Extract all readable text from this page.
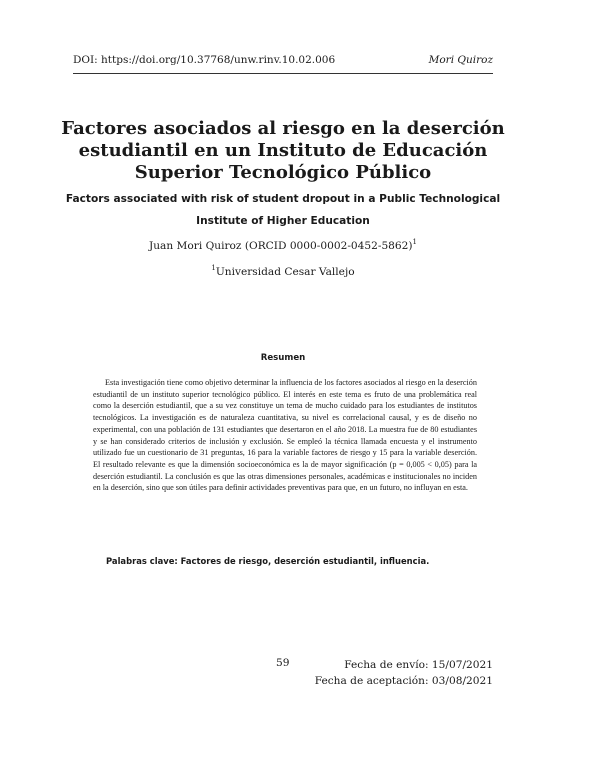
DOI: https://doi.org/10.37768/unw.rinv.10.02.006	Mori Quiroz
Factores asociados al riesgo en la deserción estudiantil en un Instituto de Educación Superior Tecnológico Público
Factors associated with risk of student dropout in a Public Technological Institute of Higher Education
Juan Mori Quiroz (ORCID 0000-0002-0452-5862)$^1$
$^1$Universidad Cesar Vallejo
Resumen

Esta investigación tiene como objetivo determinar la influencia de los factores asociados al riesgo en la deserción estudiantil de un instituto superior tecnológico público. El interés en este tema es fruto de una problemática real como la deserción estudiantil, que a su vez constituye un tema de mucho cuidado para los estudiantes de institutos tecnológicos. La investigación es de naturaleza cuantitativa, su nivel es correlacional causal, y es de diseño no experimental, con una población de 131 estudiantes que desertaron en el año 2018. La muestra fue de 80 estudiantes y se han considerado criterios de inclusión y exclusión. Se empleó la técnica llamada encuesta y el instrumento utilizado fue un cuestionario de 31 preguntas, 16 para la variable factores de riesgo y 15 para la variable deserción. El resultado relevante es que la dimensión socioeconómica es la de mayor significación (p = 0,005 < 0,05) para la deserción estudiantil. La conclusión es que las otras dimensiones personales, académicas e institucionales no inciden en la deserción, sino que son útiles para definir actividades preventivas para que, en un futuro, no influyan en esta.

Palabras clave: Factores de riesgo, deserción estudiantil, influencia.
59	Fecha de envío: 15/07/2021
Fecha de aceptación: 03/08/2021
